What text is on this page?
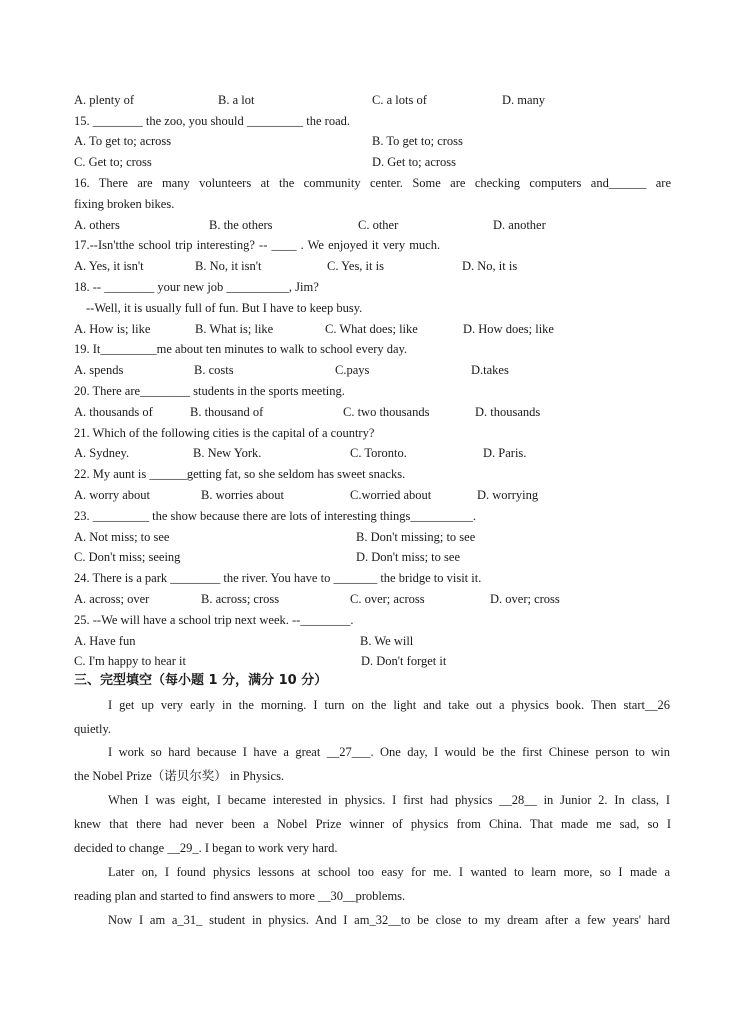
A. plenty of	B. a lot	C. a lots of	D. many
15. ________ the zoo, you should _________ the road.
A. To get to; across	B. To get to; cross
C. Get to; cross	D. Get to; across
16. There are many volunteers at the community center. Some are checking computers and______ are
fixing broken bikes.
A. others	B. the others	C. other	D. another
17.--Isn'tthe school trip interesting? -- ____ . We enjoyed it very much.
A. Yes, it isn't	B. No, it isn't	C. Yes, it is	D. No, it is
18. -- ________ your new job __________, Jim?
--Well, it is usually full of fun. But I have to keep busy.
A. How is; like	B. What is; like	C. What does; like	D. How does; like
19. It_________me about ten minutes to walk to school every day.
A. spends	B. costs	C.pays	D.takes
20. There are________ students in the sports meeting.
A. thousands of	B. thousand of	C. two thousands	D. thousands
21. Which of the following cities is the capital of a country?
A. Sydney.	B. New York.	C. Toronto.	D. Paris.
22. My aunt is ______getting fat, so she seldom has sweet snacks.
A. worry about	B. worries about	C.worried about	D. worrying
23. _________ the show because there are lots of interesting things__________.
A. Not miss; to see	B. Don't missing; to see
C. Don't miss; seeing	D. Don't miss; to see
24. There is a park ________ the river. You have to _______ the bridge to visit it.
A. across; over	B. across; cross	C. over; across	D. over; cross
25. --We will have a school trip next week. --________.
A. Have fun	B. We will
C. I'm happy to hear it	D. Don't forget it
三、完型填空（每小题 1 分，满分 10 分）
I get up very early in the morning. I turn on the light and take out a physics book. Then start__26
quietly.
I work so hard because I have a great __27___. One day, I would be the first Chinese person to win
the Nobel Prize（诺贝尔奖） in Physics.
When I was eight, I became interested in physics. I first had physics __28__ in Junior 2. In class, I
knew that there had never been a Nobel Prize winner of physics from China. That made me sad, so I
decided to change __29_. I began to work very hard.
Later on, I found physics lessons at school too easy for me. I wanted to learn more, so I made a
reading plan and started to find answers to more __30__problems.
Now I am a_31_ student in physics. And I am_32__to be close to my dream after a few years' hard
